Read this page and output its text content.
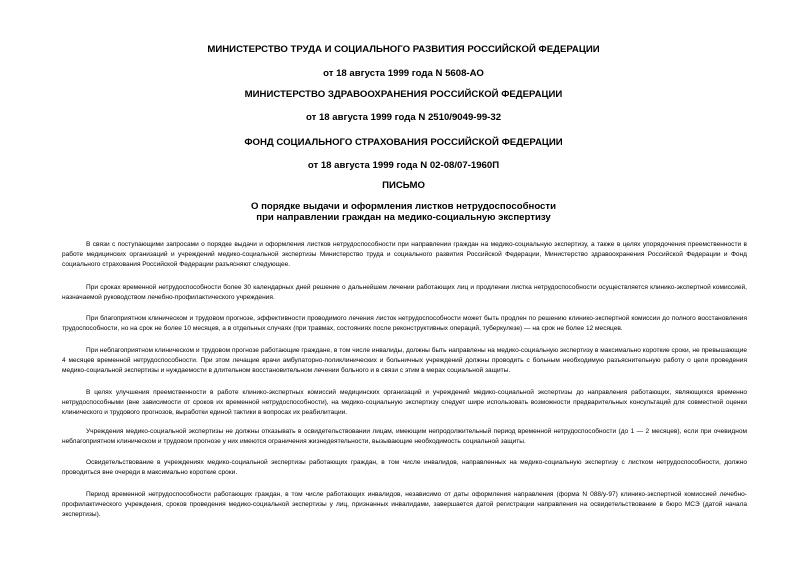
МИНИСТЕРСТВО ТРУДА И СОЦИАЛЬНОГО РАЗВИТИЯ РОССИЙСКОЙ ФЕДЕРАЦИИ

от 18 августа 1999 года N 5608-АО

МИНИСТЕРСТВО ЗДРАВООХРАНЕНИЯ РОССИЙСКОЙ ФЕДЕРАЦИИ

от 18 августа 1999 года N 2510/9049-99-32

ФОНД СОЦИАЛЬНОГО СТРАХОВАНИЯ РОССИЙСКОЙ ФЕДЕРАЦИИ

от 18 августа 1999 года N 02-08/07-1960П

ПИСЬМО

О порядке выдачи и оформления листков нетрудоспособности

при направлении граждан на медико-социальную экспертизу

В связи с поступающими запросами о порядке выдачи и оформления листков нетрудоспособности при направлении граждан на медико-социальную экспертизу, а также в целях упорядочения преемственности в работе медицинских организаций и учреждений медико-социальной экспертизы Министерство труда и социального развития Российской Федерации, Министерство здравоохранения Российской Федерации и Фонд социального страхования Российской Федерации разъясняют следующее.

При сроках временной нетрудоспособности более 30 календарных дней решение о дальнейшем лечении работающих лиц и продлении листка нетрудоспособности осуществляется клинико-экспертной комиссией, назначаемой руководством лечебно-профилактического учреждения.

При благоприятном клиническом и трудовом прогнозе, эффективности проводимого лечения листок нетрудоспособности может быть продлен по решению клинико-экспертной комиссии до полного восстановления трудоспособности, но на срок не более 10 месяцев, а в отдельных случаях (при травмах, состояниях после реконструктивных операций, туберкулезе) — на срок не более 12 месяцев.

При неблагоприятном клиническом и трудовом прогнозе работающие граждане, в том числе инвалиды, должны быть направлены на медико-социальную экспертизу в максимально короткие сроки, не превышающие 4 месяцев временной нетрудоспособности. При этом лечащие врачи амбулаторно-поликлинических и больничных учреждений должны проводить с больным необходимую разъяснительную работу о цели проведения медико-социальной экспертизы и нуждаемости в длительном восстановительном лечении больного и в связи с этим в мерах социальной защиты.

В целях улучшения преемственности в работе клинико-экспертных комиссий медицинских организаций и учреждений медико-социальной экспертизы до направления работающих, являющихся временно нетрудоспособными (вне зависимости от сроков их временной нетрудоспособности), на медико-социальную экспертизу следует шире использовать возможности предварительных консультаций для совместной оценки клинического и трудового прогнозов, выработки единой тактики в вопросах их реабилитации.

Учреждения медико-социальной экспертизы не должны отказывать в освидетельствовании лицам, имеющим непродолжительный период временной нетрудоспособности (до 1 — 2 месяцев), если при очевидном неблагоприятном клиническом и трудовом прогнозе у них имеются ограничения жизнедеятельности, вызывающие необходимость социальной защиты.

Освидетельствование в учреждениях медико-социальной экспертизы работающих граждан, в том числе инвалидов, направленных на медико-социальную экспертизу с листком нетрудоспособности, должно проводиться вне очереди в максимально короткие сроки.

Период временной нетрудоспособности работающих граждан, в том числе работающих инвалидов, независимо от даты оформления направления (форма N 088/у-97) клинико-экспертной комиссией лечебно-профилактического учреждения, сроков проведения медико-социальной экспертизы у лиц, признанных инвалидами, завершается датой регистрации направления на освидетельствование в бюро МСЭ (датой начала экспертизы).
